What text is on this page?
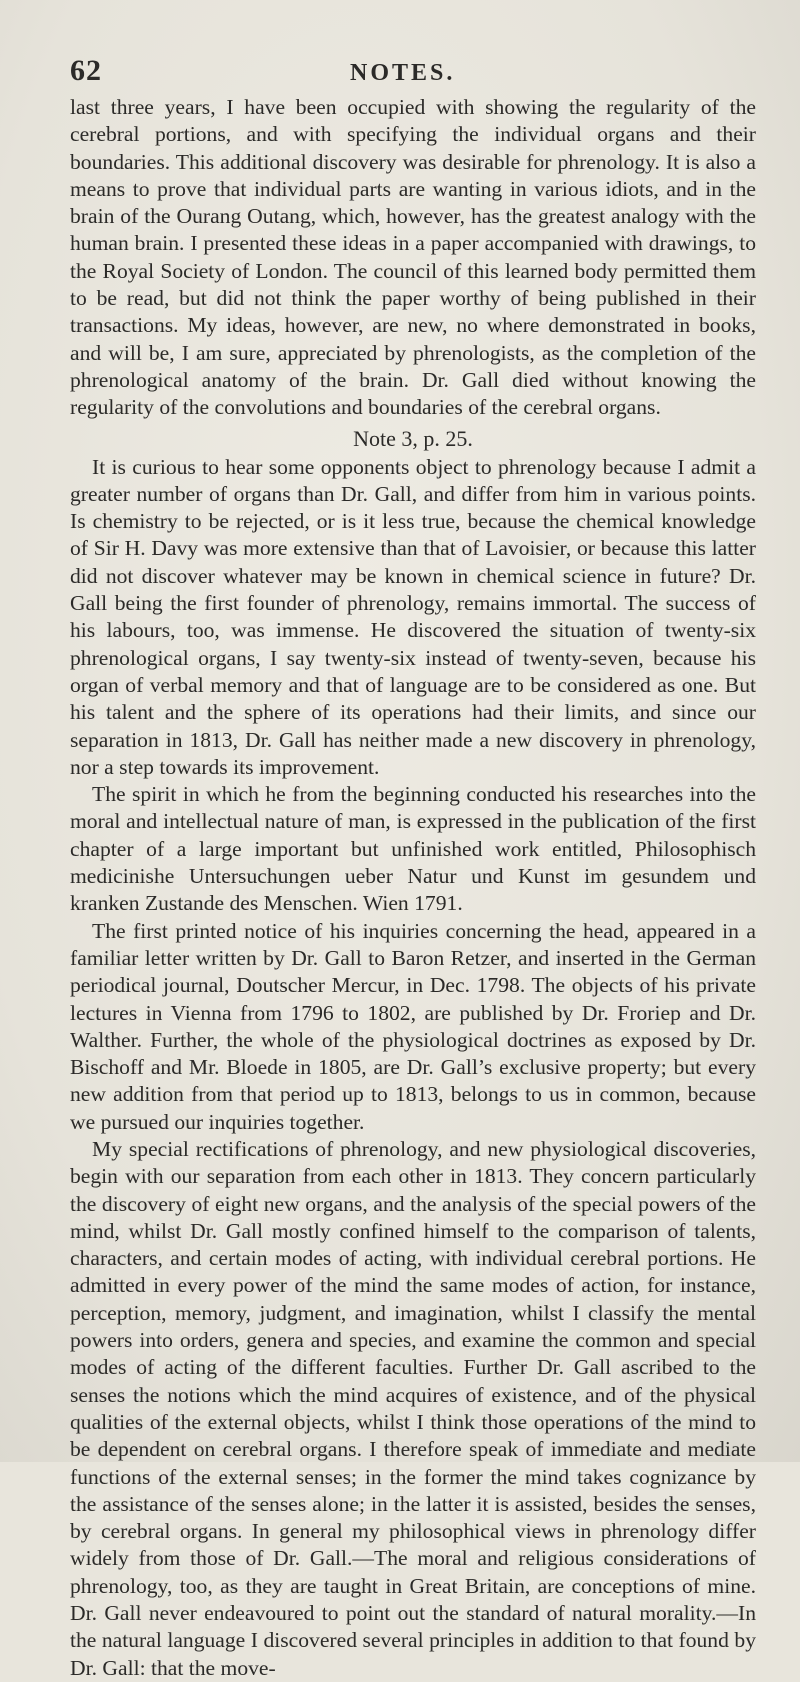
62	NOTES.

last three years, I have been occupied with showing the regularity of the cerebral portions, and with specifying the individual organs and their boundaries. This additional discovery was desirable for phrenology. It is also a means to prove that individual parts are wanting in various idiots, and in the brain of the Ourang Outang, which, however, has the greatest analogy with the human brain. I presented these ideas in a paper accompanied with drawings, to the Royal Society of London. The council of this learned body permitted them to be read, but did not think the paper worthy of being published in their transactions. My ideas, however, are new, no where demonstrated in books, and will be, I am sure, appreciated by phrenologists, as the completion of the phrenological anatomy of the brain. Dr. Gall died without knowing the regularity of the convolutions and boundaries of the cerebral organs.

Note 3, p. 25.

It is curious to hear some opponents object to phrenology because I admit a greater number of organs than Dr. Gall, and differ from him in various points. Is chemistry to be rejected, or is it less true, because the chemical knowledge of Sir H. Davy was more extensive than that of Lavoisier, or because this latter did not discover whatever may be known in chemical science in future? Dr. Gall being the first founder of phrenology, remains immortal. The success of his labours, too, was immense. He discovered the situation of twenty-six phrenological organs, I say twenty-six instead of twenty-seven, because his organ of verbal memory and that of language are to be considered as one. But his talent and the sphere of its operations had their limits, and since our separation in 1813, Dr. Gall has neither made a new discovery in phrenology, nor a step towards its improvement.

The spirit in which he from the beginning conducted his researches into the moral and intellectual nature of man, is expressed in the publication of the first chapter of a large important but unfinished work entitled, Philosophisch medicinishe Untersuchungen ueber Natur und Kunst im gesundem und kranken Zustande des Menschen. Wien 1791.

The first printed notice of his inquiries concerning the head, appeared in a familiar letter written by Dr. Gall to Baron Retzer, and inserted in the German periodical journal, Doutscher Mercur, in Dec. 1798. The objects of his private lectures in Vienna from 1796 to 1802, are published by Dr. Froriep and Dr. Walther. Further, the whole of the physiological doctrines as exposed by Dr. Bischoff and Mr. Bloede in 1805, are Dr. Gall’s exclusive property; but every new addition from that period up to 1813, belongs to us in common, because we pursued our inquiries together.

My special rectifications of phrenology, and new physiological discoveries, begin with our separation from each other in 1813. They concern particularly the discovery of eight new organs, and the analysis of the special powers of the mind, whilst Dr. Gall mostly confined himself to the comparison of talents, characters, and certain modes of acting, with individual cerebral portions. He admitted in every power of the mind the same modes of action, for instance, perception, memory, judgment, and imagination, whilst I classify the mental powers into orders, genera and species, and examine the common and special modes of acting of the different faculties. Further Dr. Gall ascribed to the senses the notions which the mind acquires of existence, and of the physical qualities of the external objects, whilst I think those operations of the mind to be dependent on cerebral organs. I therefore speak of immediate and mediate functions of the external senses; in the former the mind takes cognizance by the assistance of the senses alone; in the latter it is assisted, besides the senses, by cerebral organs. In general my philosophical views in phrenology differ widely from those of Dr. Gall.—The moral and religious considerations of phrenology, too, as they are taught in Great Britain, are conceptions of mine. Dr. Gall never endeavoured to point out the standard of natural morality.—In the natural language I discovered several principles in addition to that found by Dr. Gall: that the move-
